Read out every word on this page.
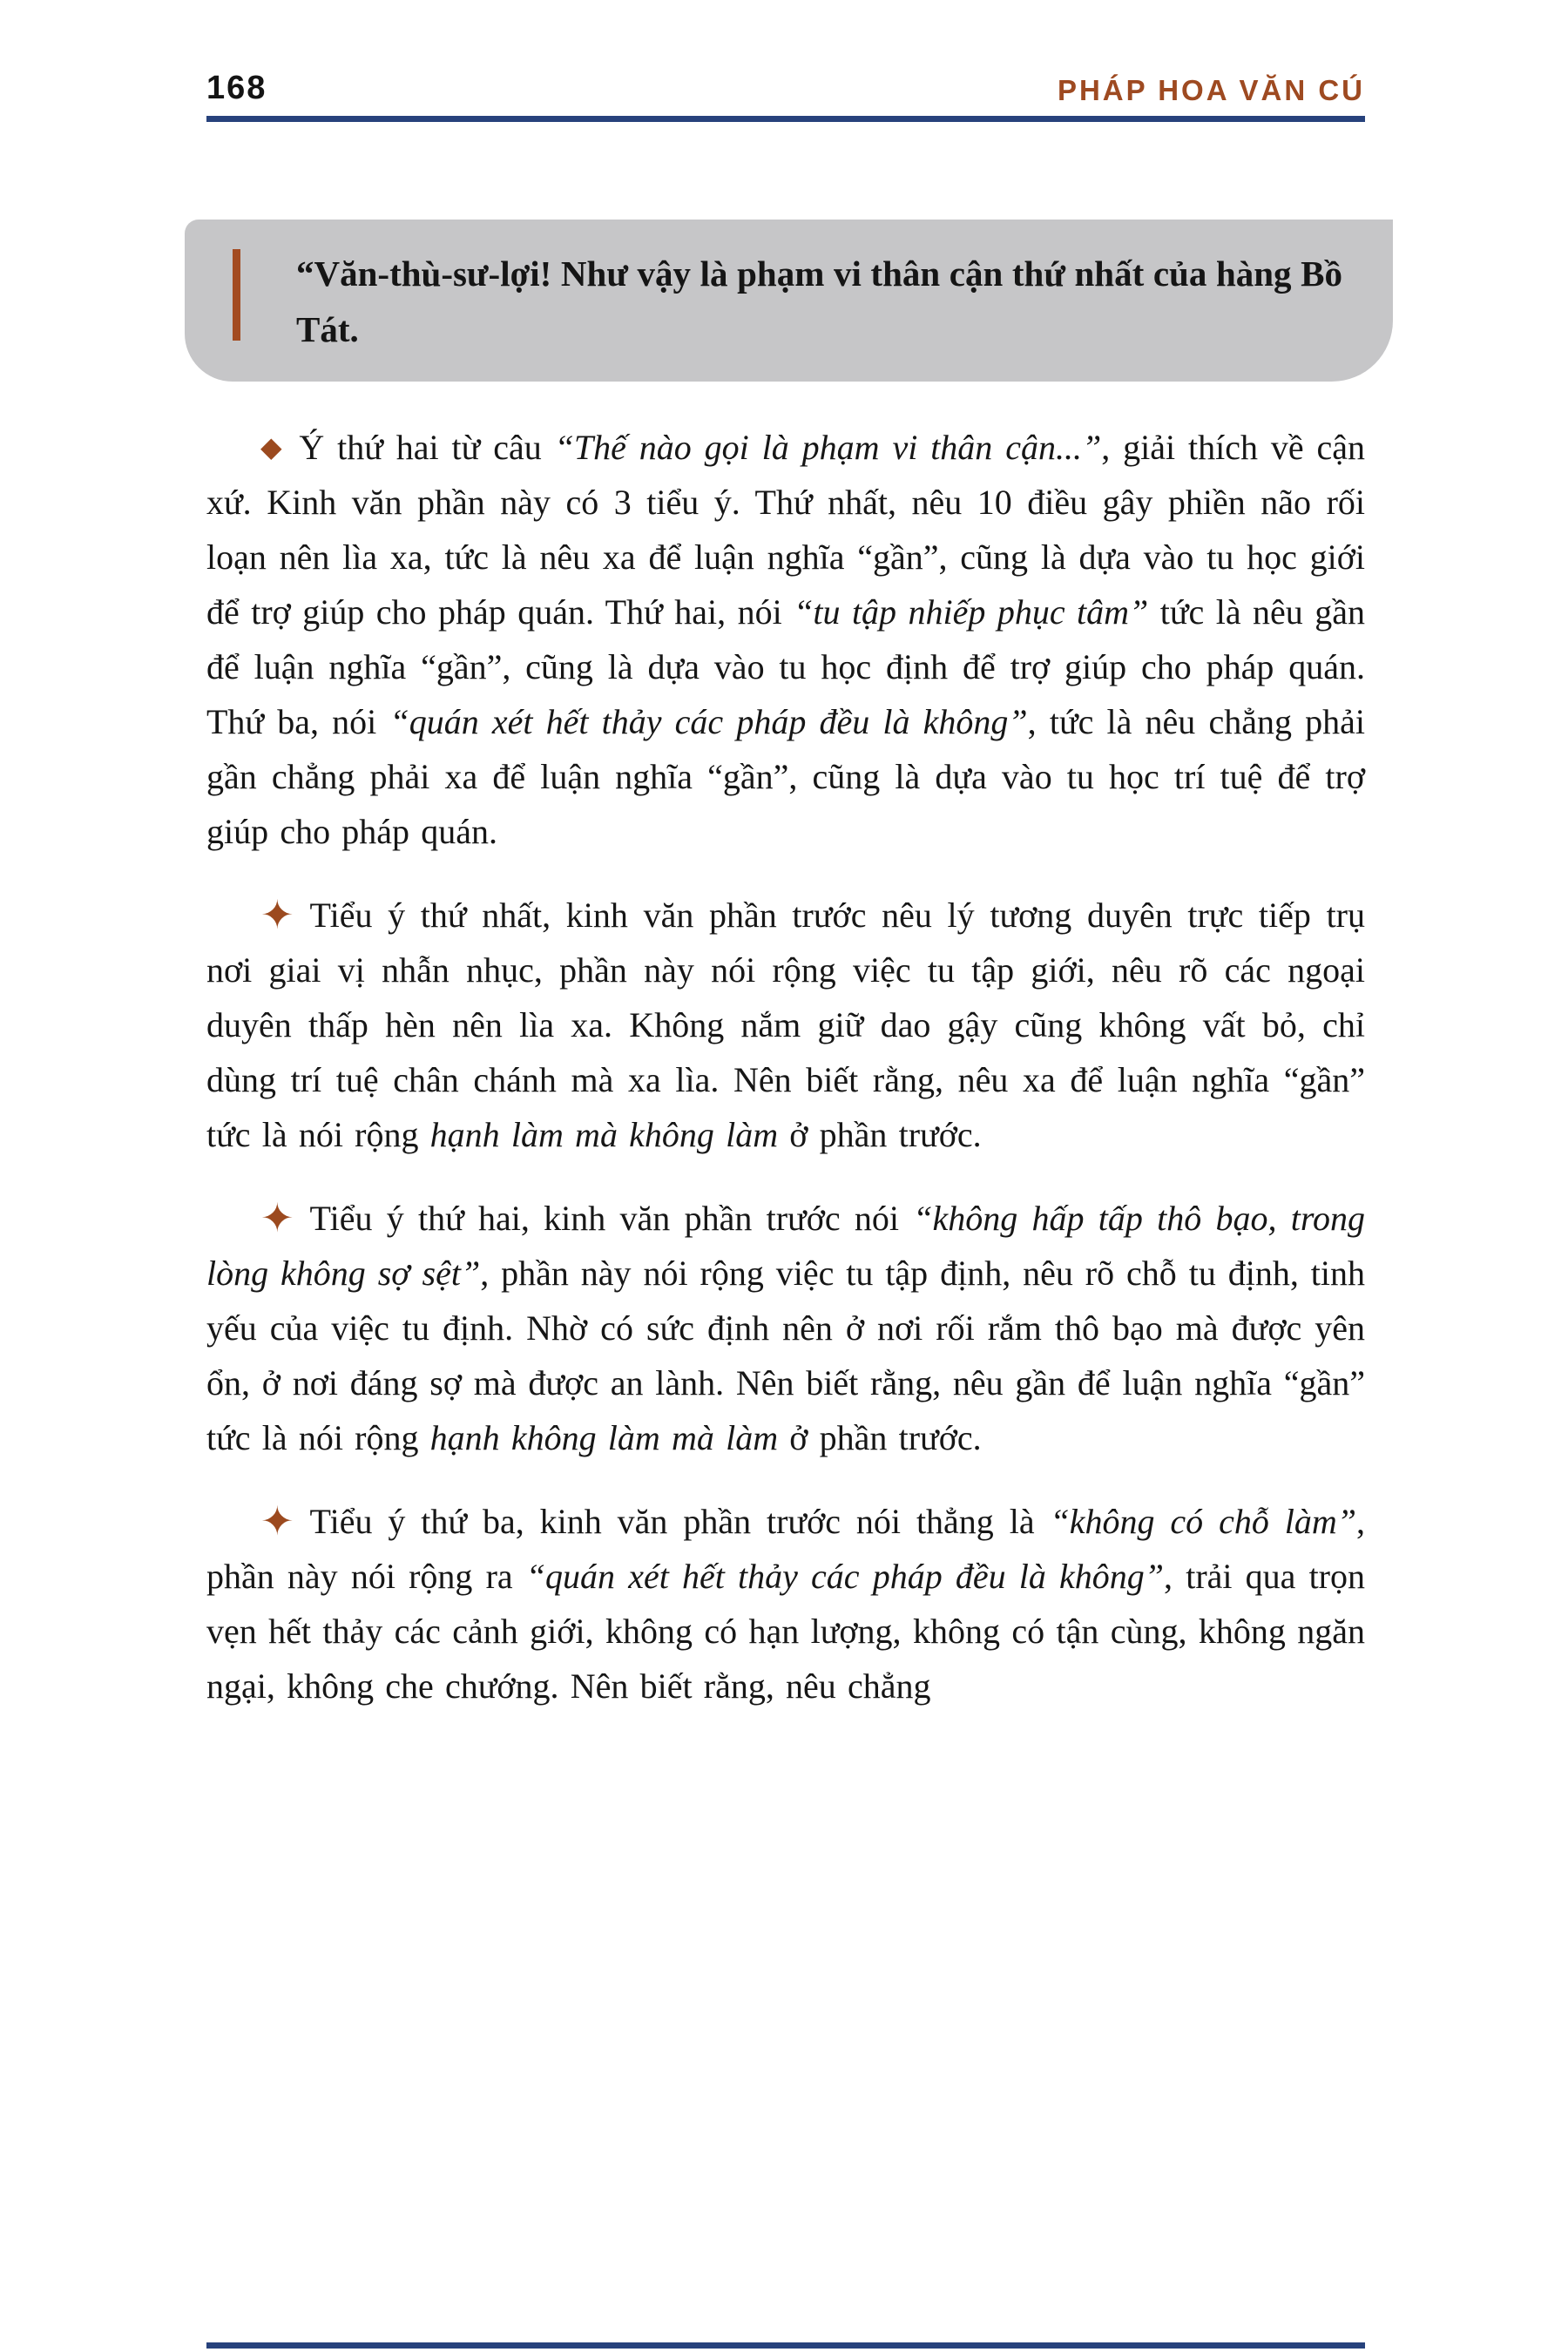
168	PHÁP HOA VĂN CÚ
“Văn-thù-sư-lợi! Như vậy là phạm vi thân cận thứ nhất của hàng Bồ Tát.

◆ Ý thứ hai từ câu “Thế nào gọi là phạm vi thân cận...”, giải thích về cận xứ. Kinh văn phần này có 3 tiểu ý. Thứ nhất, nêu 10 điều gây phiền não rối loạn nên lìa xa, tức là nêu xa để luận nghĩa “gần”, cũng là dựa vào tu học giới để trợ giúp cho pháp quán. Thứ hai, nói “tu tập nhiếp phục tâm” tức là nêu gần để luận nghĩa “gần”, cũng là dựa vào tu học định để trợ giúp cho pháp quán. Thứ ba, nói “quán xét hết thảy các pháp đều là không”, tức là nêu chẳng phải gần chẳng phải xa để luận nghĩa “gần”, cũng là dựa vào tu học trí tuệ để trợ giúp cho pháp quán.

✦ Tiểu ý thứ nhất, kinh văn phần trước nêu lý tương duyên trực tiếp trụ nơi giai vị nhẫn nhục, phần này nói rộng việc tu tập giới, nêu rõ các ngoại duyên thấp hèn nên lìa xa. Không nắm giữ dao gậy cũng không vất bỏ, chỉ dùng trí tuệ chân chánh mà xa lìa. Nên biết rằng, nêu xa để luận nghĩa “gần” tức là nói rộng hạnh làm mà không làm ở phần trước.

✦ Tiểu ý thứ hai, kinh văn phần trước nói “không hấp tấp thô bạo, trong lòng không sợ sệt”, phần này nói rộng việc tu tập định, nêu rõ chỗ tu định, tinh yếu của việc tu định. Nhờ có sức định nên ở nơi rối rắm thô bạo mà được yên ổn, ở nơi đáng sợ mà được an lành. Nên biết rằng, nêu gần để luận nghĩa “gần” tức là nói rộng hạnh không làm mà làm ở phần trước.

✦ Tiểu ý thứ ba, kinh văn phần trước nói thẳng là “không có chỗ làm”, phần này nói rộng ra “quán xét hết thảy các pháp đều là không”, trải qua trọn vẹn hết thảy các cảnh giới, không có hạn lượng, không có tận cùng, không ngăn ngại, không che chướng. Nên biết rằng, nêu chẳng
